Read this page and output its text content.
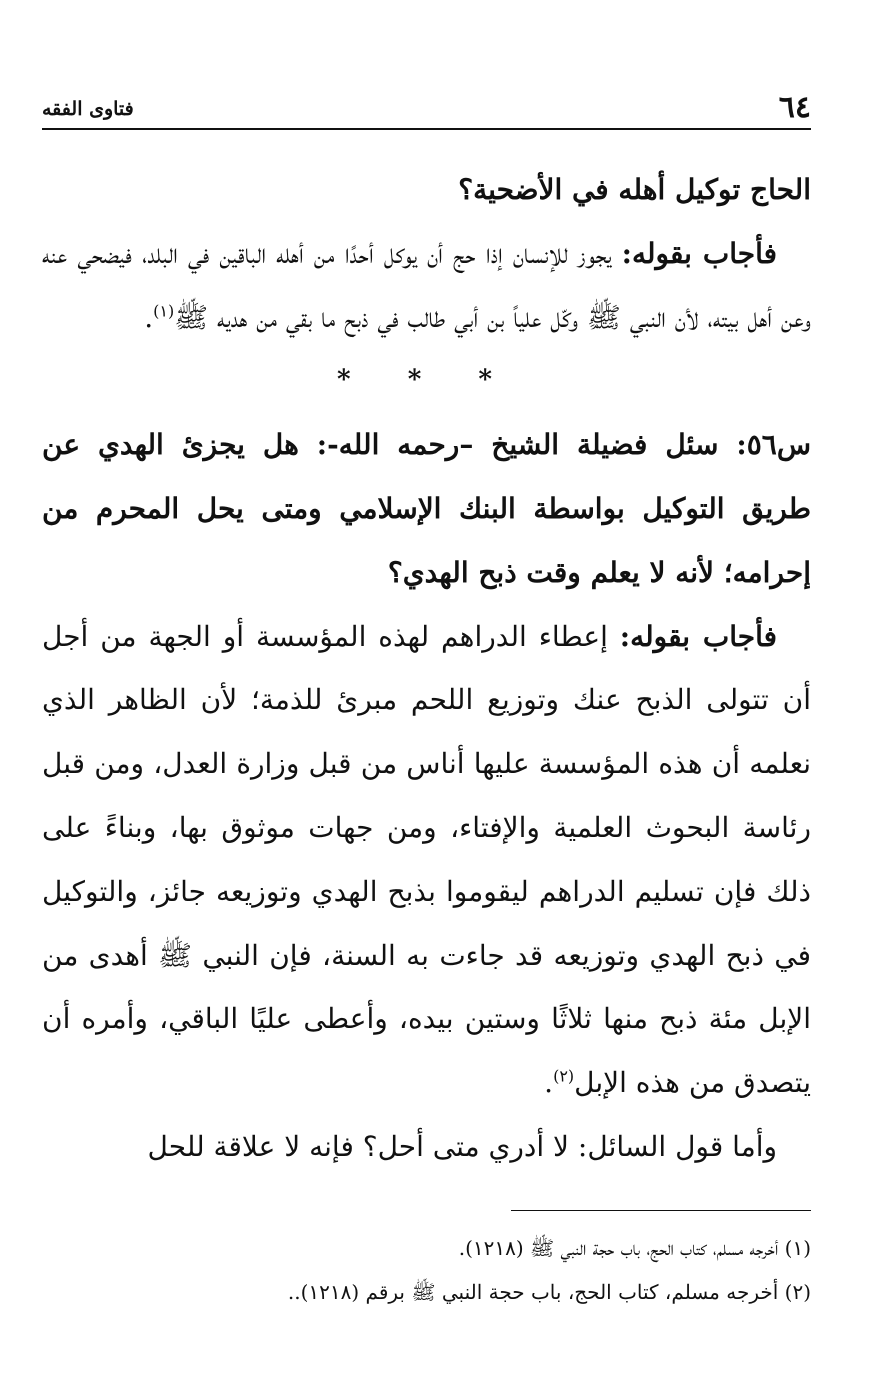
٦٤
فتاوى الفقه

الحاج توكيل أهله في الأضحية؟

فأجاب بقوله: يجوز للإنسان إذا حج أن يوكل أحدًا من أهله الباقين في البلد، فيضحي عنه وعن أهل بيته، لأن النبي ﷺ وكّل علياً بن أبي طالب في ذبح ما بقي من هديه ﷺ$^{(١)}$.

* * *

س٥٦: سئل فضيلة الشيخ –رحمه الله-: هل يجزئ الهدي عن طريق التوكيل بواسطة البنك الإسلامي ومتى يحل المحرم من إحرامه؛ لأنه لا يعلم وقت ذبح الهدي؟

فأجاب بقوله: إعطاء الدراهم لهذه المؤسسة أو الجهة من أجل أن تتولى الذبح عنك وتوزيع اللحم مبرئ للذمة؛ لأن الظاهر الذي نعلمه أن هذه المؤسسة عليها أناس من قبل وزارة العدل، ومن قبل رئاسة البحوث العلمية والإفتاء، ومن جهات موثوق بها، وبناءً على ذلك فإن تسليم الدراهم ليقوموا بذبح الهدي وتوزيعه جائز، والتوكيل في ذبح الهدي وتوزيعه قد جاءت به السنة، فإن النبي ﷺ أهدى من الإبل مئة ذبح منها ثلاثًا وستين بيده، وأعطى عليًا الباقي، وأمره أن يتصدق من هذه الإبل$^{(٢)}$.

وأما قول السائل: لا أدري متى أحل؟ فإنه لا علاقة للحل

(١) أخرجه مسلم، كتاب الحج، باب حجة النبي ﷺ (١٢١٨).

(٢) أخرجه مسلم، كتاب الحج، باب حجة النبي ﷺ برقم (١٢١٨)..
